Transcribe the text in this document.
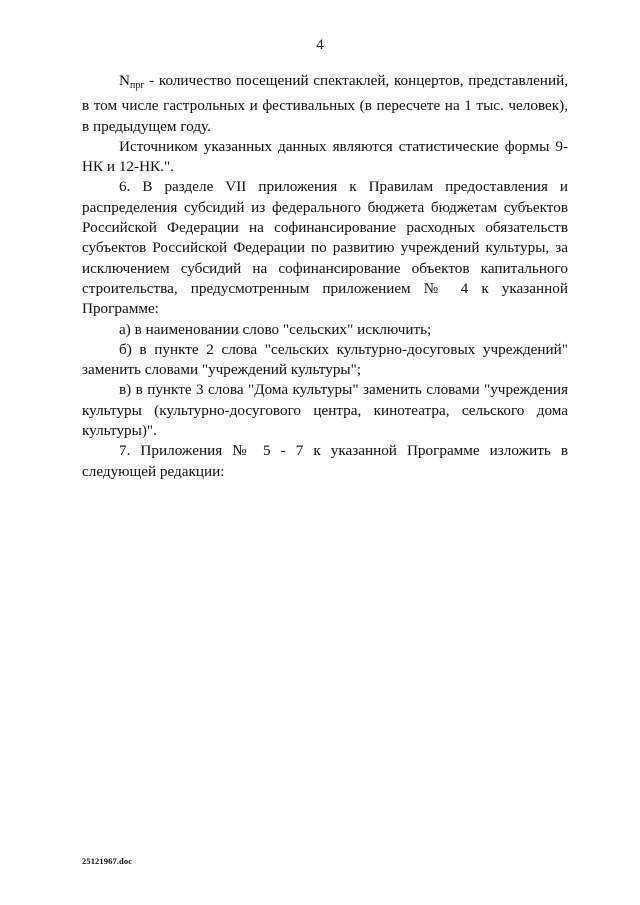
4

$N_{прг}$ - количество посещений спектаклей, концертов, представлений, в том числе гастрольных и фестивальных (в пересчете на 1 тыс. человек), в предыдущем году.

Источником указанных данных являются статистические формы 9-НК и 12-НК.".

6. В разделе VII приложения к Правилам предоставления и распределения субсидий из федерального бюджета бюджетам субъектов Российской Федерации на софинансирование расходных обязательств субъектов Российской Федерации по развитию учреждений культуры, за исключением субсидий на софинансирование объектов капитального строительства, предусмотренным приложением № 4 к указанной Программе:

а) в наименовании слово "сельских" исключить;

б) в пункте 2 слова "сельских культурно-досуговых учреждений" заменить словами "учреждений культуры";

в) в пункте 3 слова "Дома культуры" заменить словами "учреждения культуры (культурно-досугового центра, кинотеатра, сельского дома культуры)".

7. Приложения № 5 - 7 к указанной Программе изложить в следующей редакции:

25121967.doc
